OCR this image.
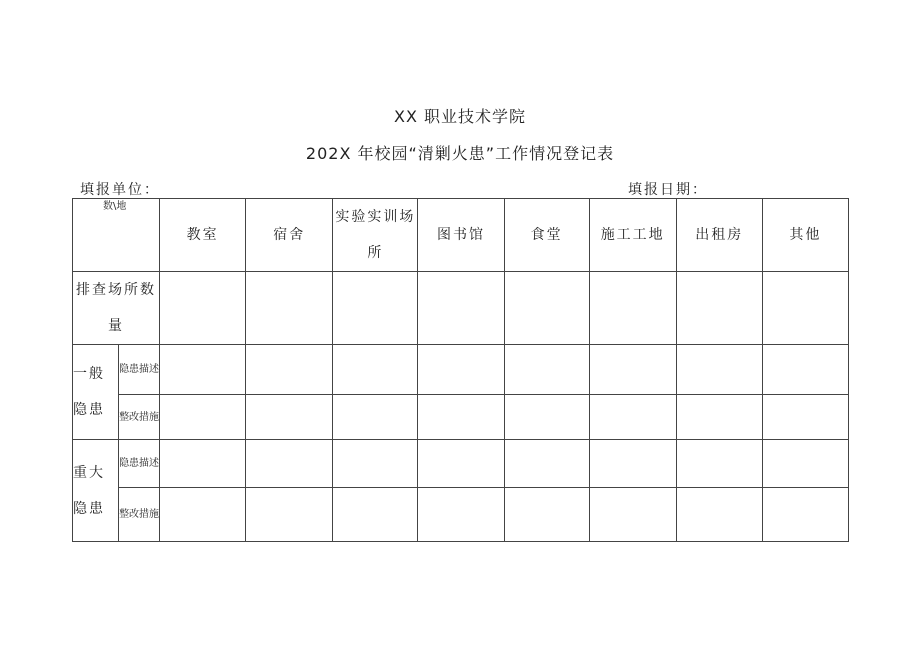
XX 职业技术学院
202X 年校园“清剿火患”工作情况登记表
填报单位：	填报日期：
数\地		教室	宿舍	实验实训场所	图书馆	食堂	施工工地	出租房	其他
排查场所数量									
一般隐患	隐患描述								
	整改措施								
重大隐患	隐患描述								
	整改措施								
